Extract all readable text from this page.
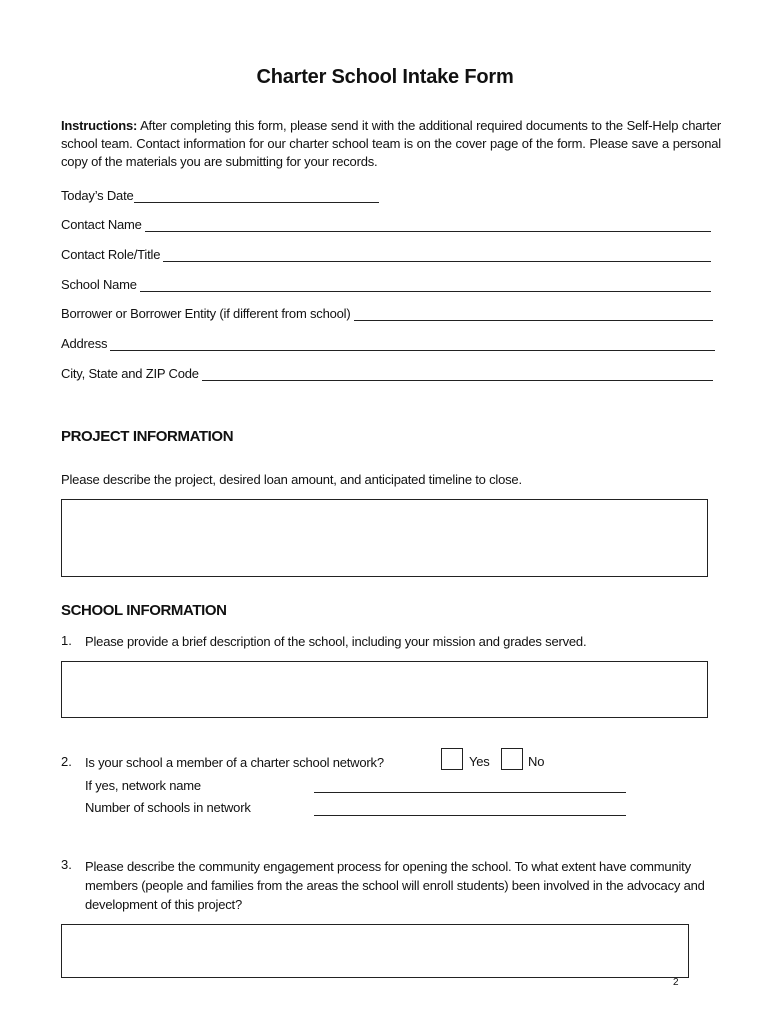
Charter School Intake Form
Instructions: After completing this form, please send it with the additional required documents to the Self-Help charter school team. Contact information for our charter school team is on the cover page of the form. Please save a personal copy of the materials you are submitting for your records.
Today’s Date
Contact Name
Contact Role/Title
School Name
Borrower or Borrower Entity (if different from school)
Address
City, State and ZIP Code
PROJECT INFORMATION
Please describe the project, desired loan amount, and anticipated timeline to close.
SCHOOL INFORMATION
1.	Please provide a brief description of the school, including your mission and grades served.
2.	Is your school a member of a charter school network?	Yes	No
If yes, network name
Number of schools in network
3.	Please describe the community engagement process for opening the school. To what extent have community members (people and families from the areas the school will enroll students) been involved in the advocacy and development of this project?
2
